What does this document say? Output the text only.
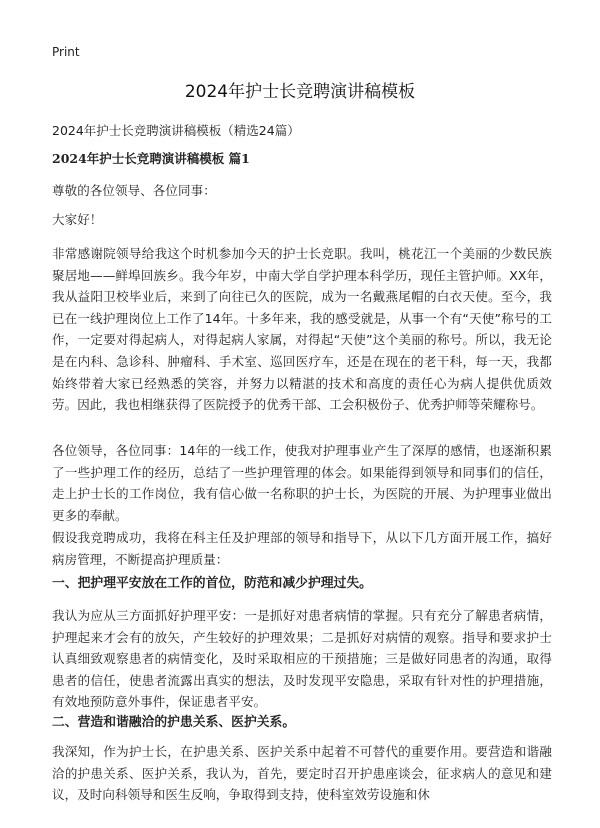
Print
2024年护士长竞聘演讲稿模板

2024年护士长竞聘演讲稿模板（精选24篇）

2024年护士长竞聘演讲稿模板 篇1

尊敬的各位领导、各位同事：

大家好！

非常感谢院领导给我这个时机参加今天的护士长竞职。我叫，桃花江一个美丽的少数民族聚居地——鲜埠回族乡。我今年岁，中南大学自学护理本科学历，现任主管护师。XX年，我从益阳卫校毕业后，来到了向往已久的医院，成为一名戴燕尾帽的白衣天使。至今，我已在一线护理岗位上工作了14年。十多年来，我的感受就是，从事一个有“天使”称号的工作，一定要对得起病人，对得起病人家属，对得起“天使”这个美丽的称号。所以，我无论是在内科、急诊科、肿瘤科、手术室、巡回医疗车，还是在现在的老干科，每一天，我都始终带着大家已经熟悉的笑容，并努力以精湛的技术和高度的责任心为病人提供优质效劳。因此，我也相继获得了医院授予的优秀干部、工会积极份子、优秀护师等荣耀称号。

各位领导，各位同事：14年的一线工作，使我对护理事业产生了深厚的感情，也逐渐积累了一些护理工作的经历，总结了一些护理管理的体会。如果能得到领导和同事们的信任，走上护士长的工作岗位，我有信心做一名称职的护士长，为医院的开展、为护理事业做出更多的奉献。

假设我竞聘成功，我将在科主任及护理部的领导和指导下，从以下几方面开展工作，搞好病房管理，不断提高护理质量：

一、把护理平安放在工作的首位，防范和减少护理过失。

我认为应从三方面抓好护理平安：一是抓好对患者病情的掌握。只有充分了解患者病情，护理起来才会有的放矢，产生较好的护理效果；二是抓好对病情的观察。指导和要求护士认真细致观察患者的病情变化，及时采取相应的干预措施；三是做好同患者的沟通，取得患者的信任，使患者流露出真实的想法，及时发现平安隐患，采取有针对性的护理措施，有效地预防意外事件，保证患者平安。

二、营造和谐融洽的护患关系、医护关系。

我深知，作为护士长，在护患关系、医护关系中起着不可替代的重要作用。要营造和谐融洽的护患关系、医护关系，我认为，首先，要定时召开护患座谈会，征求病人的意见和建议，及时向科领导和医生反响，争取得到支持，使科室效劳设施和休
